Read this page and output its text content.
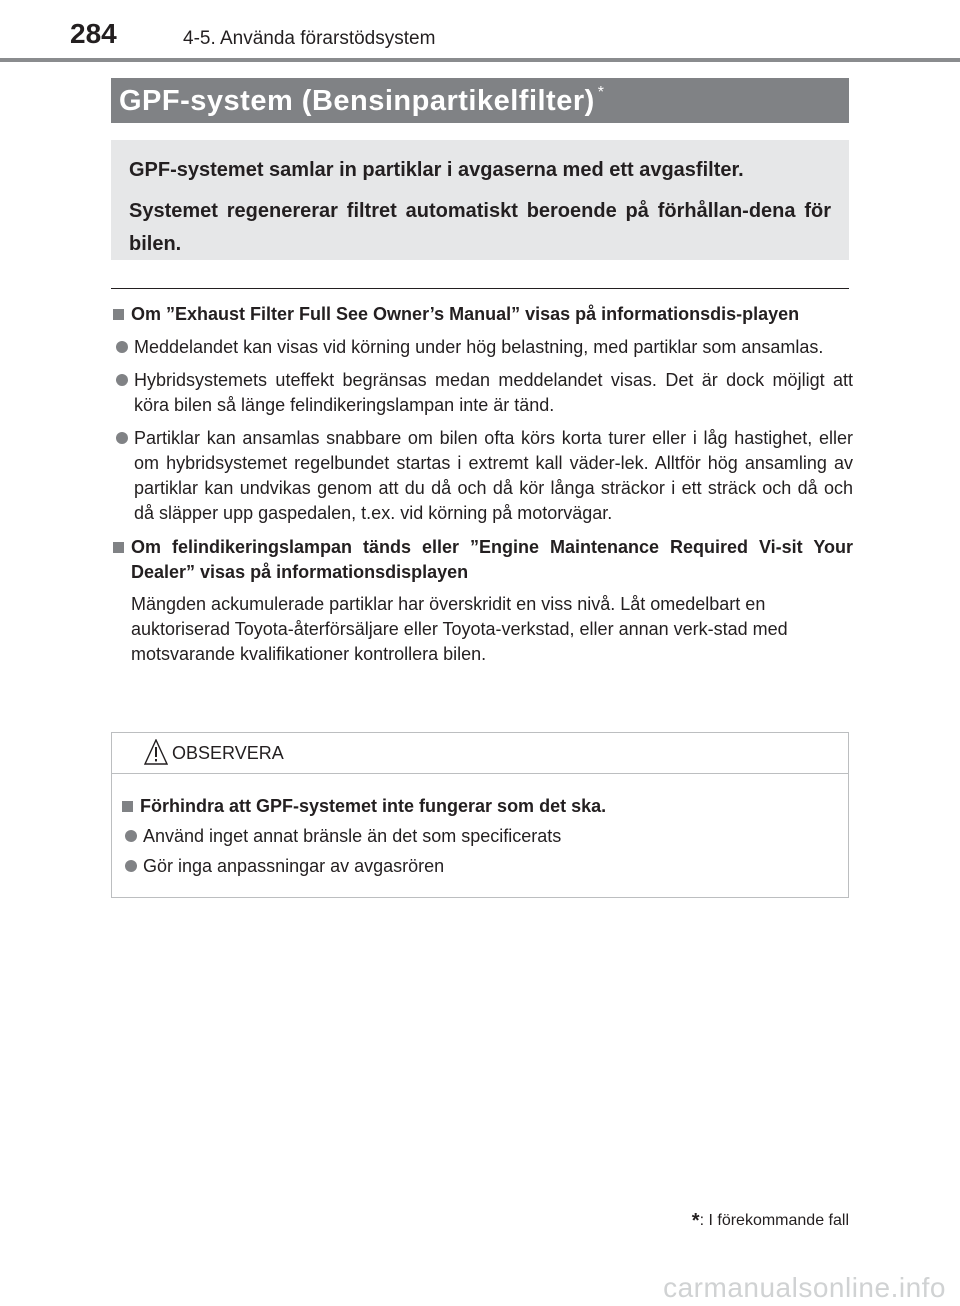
284	4-5. Använda förarstödsystem
GPF-system (Bensinpartikelfilter) *
GPF-systemet samlar in partiklar i avgaserna med ett avgasfilter.
Systemet regenererar filtret automatiskt beroende på förhållan-dena för bilen.
Om ”Exhaust Filter Full See Owner’s Manual” visas på informationsdis-playen
Meddelandet kan visas vid körning under hög belastning, med partiklar som ansamlas.
Hybridsystemets uteffekt begränsas medan meddelandet visas. Det är dock möjligt att köra bilen så länge felindikeringslampan inte är tänd.
Partiklar kan ansamlas snabbare om bilen ofta körs korta turer eller i låg hastighet, eller om hybridsystemet regelbundet startas i extremt kall väder-lek. Alltför hög ansamling av partiklar kan undvikas genom att du då och då kör långa sträckor i ett sträck och då och då släpper upp gaspedalen, t.ex. vid körning på motorvägar.
Om felindikeringslampan tänds eller ”Engine Maintenance Required Vi-sit Your Dealer” visas på informationsdisplayen
Mängden ackumulerade partiklar har överskridit en viss nivå. Låt omedelbart en auktoriserad Toyota-återförsäljare eller Toyota-verkstad, eller annan verk-stad med motsvarande kvalifikationer kontrollera bilen.
OBSERVERA
Förhindra att GPF-systemet inte fungerar som det ska.
Använd inget annat bränsle än det som specificerats
Gör inga anpassningar av avgasrören
*: I förekommande fall
carmanualsonline.info
